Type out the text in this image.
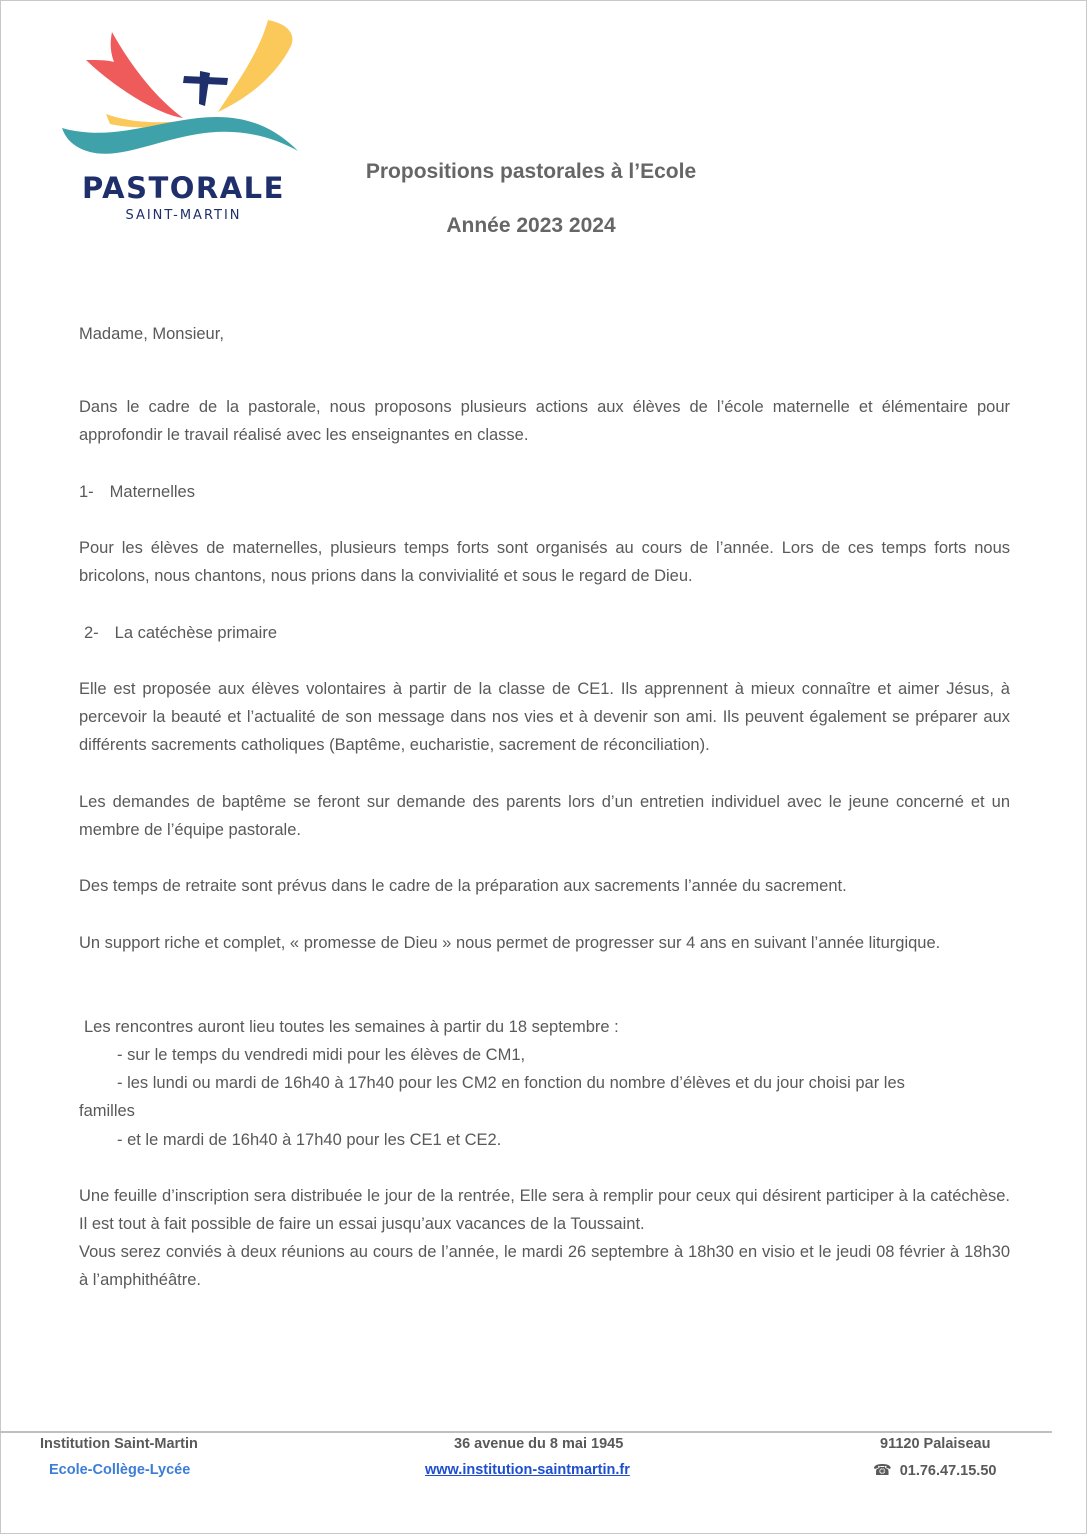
PASTORALE
SAINT-MARTIN
Propositions pastorales à l’Ecole
Année 2023 2024
Madame, Monsieur,
Dans le cadre de la pastorale, nous proposons plusieurs actions aux élèves de l’école maternelle et élémentaire pour approfondir le travail réalisé avec les enseignantes en classe.
1- Maternelles
Pour les élèves de maternelles, plusieurs temps forts sont organisés au cours de l’année. Lors de ces temps forts nous bricolons, nous chantons, nous prions dans la convivialité et sous le regard de Dieu.
2- La catéchèse primaire
Elle est proposée aux élèves volontaires à partir de la classe de CE1. Ils apprennent à mieux connaître et aimer Jésus, à percevoir la beauté et l’actualité de son message dans nos vies et à devenir son ami. Ils peuvent également se préparer aux différents sacrements catholiques (Baptême, eucharistie, sacrement de réconciliation).
Les demandes de baptême se feront sur demande des parents lors d’un entretien individuel avec le jeune concerné et un membre de l’équipe pastorale.
Des temps de retraite sont prévus dans le cadre de la préparation aux sacrements l’année du sacrement.
Un support riche et complet, « promesse de Dieu » nous permet de progresser sur 4 ans en suivant l’année liturgique.
Les rencontres auront lieu toutes les semaines à partir du 18 septembre :
- sur le temps du vendredi midi pour les élèves de CM1,
- les lundi ou mardi de 16h40 à 17h40 pour les CM2 en fonction du nombre d’élèves et du jour choisi par les
familles
- et le mardi de 16h40 à 17h40 pour les CE1 et CE2.
Une feuille d’inscription sera distribuée le jour de la rentrée, Elle sera à remplir pour ceux qui désirent participer à la catéchèse. Il est tout à fait possible de faire un essai jusqu’aux vacances de la Toussaint.
Vous serez conviés à deux réunions au cours de l’année, le mardi 26 septembre à 18h30 en visio et le jeudi 08 février à 18h30 à l’amphithéâtre.
Institution Saint-Martin
Ecole-Collège-Lycée
36 avenue du 8 mai 1945
www.institution-saintmartin.fr
91120 Palaiseau
☎ 01.76.47.15.50
